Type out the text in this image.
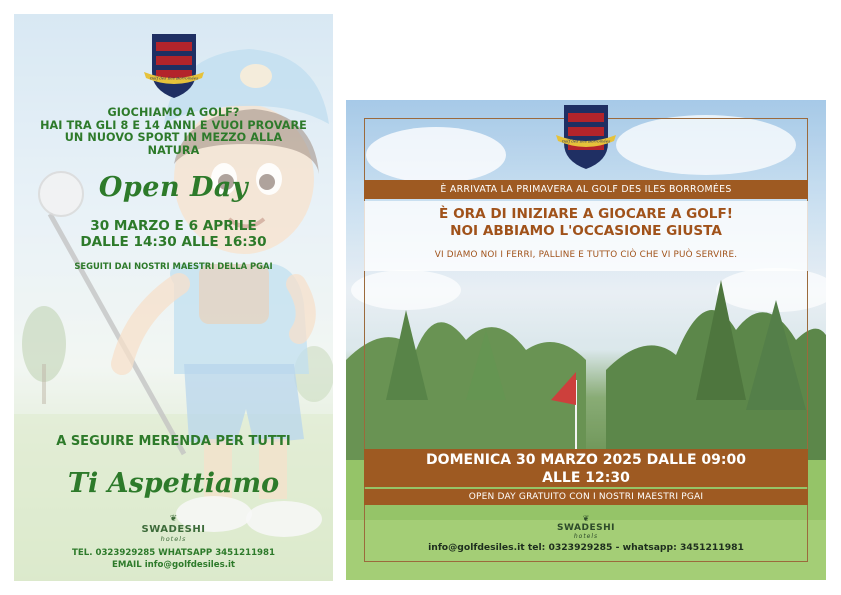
Golf des Iles Borromées
GIOCHIAMO A GOLF?
HAI TRA GLI 8 E 14 ANNI E VUOI PROVARE
UN NUOVO SPORT IN MEZZO ALLA
NATURA
Open Day
30 MARZO E 6 APRILE
DALLE 14:30 ALLE 16:30
SEGUITI DAI NOSTRI MAESTRI DELLA PGAI
A SEGUIRE MERENDA PER TUTTI
Ti Aspettiamo
❦
SWADESHI
hotels
TEL. 0323929285 WHATSAPP 3451211981
EMAIL info@golfdesiles.it
Golf des Iles Borromées
È ARRIVATA LA PRIMAVERA AL GOLF DES ILES BORROMÉES
È ORA DI INIZIARE A GIOCARE A GOLF!
NOI ABBIAMO L'OCCASIONE GIUSTA
VI DIAMO NOI I FERRI, PALLINE E TUTTO CIÒ CHE VI PUÒ SERVIRE.
DOMENICA 30 MARZO 2025 DALLE 09:00
ALLE 12:30
OPEN DAY GRATUITO CON I NOSTRI MAESTRI PGAI
❦
SWADESHI
hotels
info@golfdesiles.it tel: 0323929285 - whatsapp: 3451211981
